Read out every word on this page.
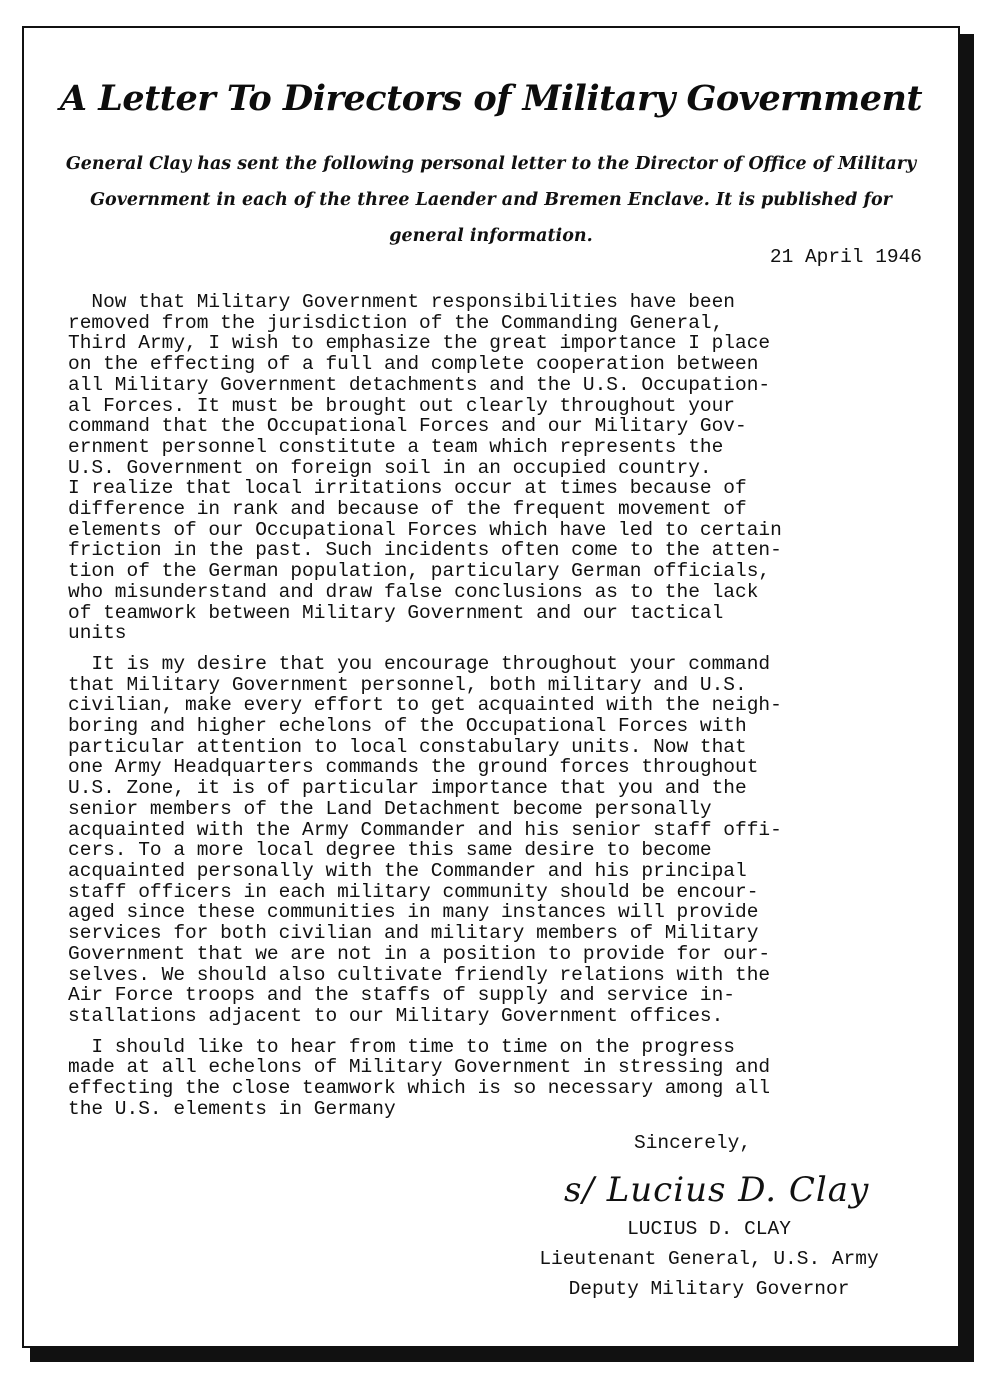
A Letter To Directors of Military Government

General Clay has sent the following personal letter to the Director of Office of Military Government in each of the three Laender and Bremen Enclave. It is published for general information.

21 April 1946

Now that Military Government responsibilities have been
removed from the jurisdiction of the Commanding General,
Third Army, I wish to emphasize the great importance I place
on the effecting of a full and complete cooperation between
all Military Government detachments and the U.S. Occupation-
al Forces. It must be brought out clearly throughout your
command that the Occupational Forces and our Military Gov-
ernment personnel constitute a team which represents the
U.S. Government on foreign soil in an occupied country.
I realize that local irritations occur at times because of
difference in rank and because of the frequent movement of
elements of our Occupational Forces which have led to certain
friction in the past. Such incidents often come to the atten-
tion of the German population, particulary German officials,
who misunderstand and draw false conclusions as to the lack
of teamwork between Military Government and our tactical
units

It is my desire that you encourage throughout your command
that Military Government personnel, both military and U.S.
civilian, make every effort to get acquainted with the neigh-
boring and higher echelons of the Occupational Forces with
particular attention to local constabulary units. Now that
one Army Headquarters commands the ground forces throughout
U.S. Zone, it is of particular importance that you and the
senior members of the Land Detachment become personally
acquainted with the Army Commander and his senior staff offi-
cers. To a more local degree this same desire to become
acquainted personally with the Commander and his principal
staff officers in each military community should be encour-
aged since these communities in many instances will provide
services for both civilian and military members of Military
Government that we are not in a position to provide for our-
selves. We should also cultivate friendly relations with the
Air Force troops and the staffs of supply and service in-
stallations adjacent to our Military Government offices.

I should like to hear from time to time on the progress
made at all echelons of Military Government in stressing and
effecting the close teamwork which is so necessary among all
the U.S. elements in Germany

Sincerely,

s/ Lucius D. Clay

LUCIUS D. CLAY

Lieutenant General, U.S. Army

Deputy Military Governor
